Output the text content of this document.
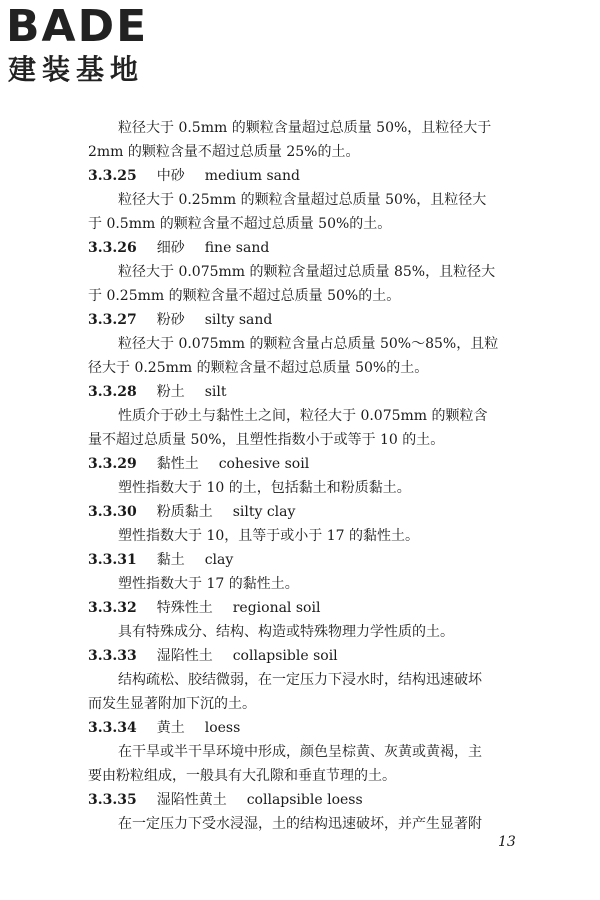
BADE
建装基地

粒径大于 0.5mm 的颗粒含量超过总质量 50%，且粒径大于

2mm 的颗粒含量不超过总质量 25%的土。

3.3.25 中砂 medium sand

粒径大于 0.25mm 的颗粒含量超过总质量 50%，且粒径大

于 0.5mm 的颗粒含量不超过总质量 50%的土。

3.3.26 细砂 fine sand

粒径大于 0.075mm 的颗粒含量超过总质量 85%，且粒径大

于 0.25mm 的颗粒含量不超过总质量 50%的土。

3.3.27 粉砂 silty sand

粒径大于 0.075mm 的颗粒含量占总质量 50%～85%，且粒

径大于 0.25mm 的颗粒含量不超过总质量 50%的土。

3.3.28 粉土 silt

性质介于砂土与黏性土之间，粒径大于 0.075mm 的颗粒含

量不超过总质量 50%，且塑性指数小于或等于 10 的土。

3.3.29 黏性土 cohesive soil

塑性指数大于 10 的土，包括黏土和粉质黏土。

3.3.30 粉质黏土 silty clay

塑性指数大于 10，且等于或小于 17 的黏性土。

3.3.31 黏土 clay

塑性指数大于 17 的黏性土。

3.3.32 特殊性土 regional soil

具有特殊成分、结构、构造或特殊物理力学性质的土。

3.3.33 湿陷性土 collapsible soil

结构疏松、胶结微弱，在一定压力下浸水时，结构迅速破坏

而发生显著附加下沉的土。

3.3.34 黄土 loess

在干旱或半干旱环境中形成，颜色呈棕黄、灰黄或黄褐，主

要由粉粒组成，一般具有大孔隙和垂直节理的土。

3.3.35 湿陷性黄土 collapsible loess

在一定压力下受水浸湿，土的结构迅速破坏，并产生显著附

13
